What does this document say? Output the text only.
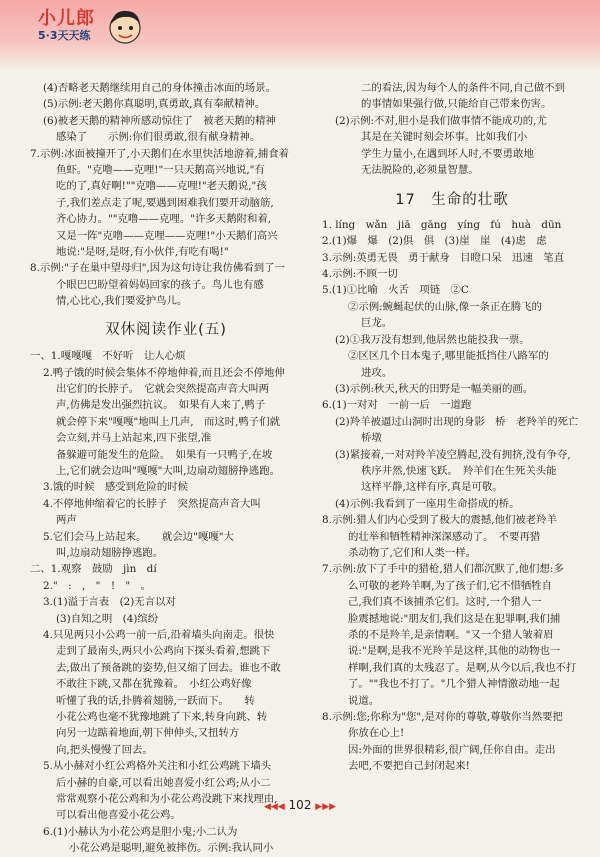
小儿郎
5·3天天练
(4)否略老天鹅继续用自己的身体撞击冰面的场景。
(5)示例:老天鹅你真聪明,真勇敢,真有奉献精神。
(6)被老天鹅的精神所感动惊住了　被老天鹅的精神
感染了　　示例:你们很勇敢,很有献身精神。
7.示例:冰面被撞开了,小天鹅们在水里快活地游着,捕食着
鱼虾。"克噜——克哩!"一只天鹅高兴地说,"有
吃的了,真好啊!""克噜——克哩!"老天鹅说,"孩
子,我们差点走了呢,要遇到困难我们要开动脑筋,
齐心协力。""克噜——克哩。"许多天鹅附和着,
又是一阵"克噜——克哩——克哩!"小天鹅们高兴
地说:"是呀,是呀,有小伙伴,有吃有喝!"
8.示例:"子在巢中望母归",因为这句诗让我仿佛看到了一
个眼巴巴盼望着妈妈回家的孩子。鸟儿也有感
情,心比心,我们要爱护鸟儿。
双休阅读作业(五)
一、1.嘎嘎嘎　不好听　让人心烦
2.鸭子饿的时候会集体不停地伸着,而且还会不停地伸
出它们的长脖子。　它就会突然提高声音大叫两
声,仿佛是发出强烈抗议。　如果有人来了,鸭子
就会停下来"嘎嘎"地叫上几声,　而这时,鸭子们就
会立刻,并马上站起来,四下张望,准
备躲避可能发生的危险。　如果有一只鸭子,在坡
上,它们就会边叫"嘎嘎"大叫,边扇动翅膀挣逃跑。
3.饿的时候　感受到危险的时候
4.不停地伸缩着它的长脖子　突然提高声音大叫
两声
5.它们会马上站起来。　　就会边"嘎嘎"大
叫,边扇动翅膀挣逃跑。
二、1.观察　鼓励　jìn　dí
2."　:　,　"　!　"　。
3.(1)溢于言表　(2)无言以对
(3)自知之明　(4)缤纷
4.只见两只小公鸡一前一后,沿着墙头向南走。很快
走到了最南头,两只小公鸡向下探头看着,想跳下
去,做出了预备跳的姿势,但又缩了回去。谁也不敢
不敢往下跳,又都在犹豫着。　小红公鸡好像
听懂了我的话,扑腾着翅膀,一跃而下。　　转
小花公鸡也毫不犹豫地跳了下来,转身向跳、转
向另一边踮着地面,朝下伸伸头,又扭转方
向,把头慢慢了回去。
5.从小赫对小红公鸡格外关注和小红公鸡跳下墙头
后小赫的自豪,可以看出她喜爱小红公鸡;从小二
常常观察小花公鸡和为小花公鸡没跳下来找理由,
可以看出他喜爱小花公鸡。
6.(1)小赫认为小花公鸡是胆小鬼;小二认为
小花公鸡是聪明,避免被摔伤。示例:我认同小
二的看法,因为每个人的条件不同,自己做不到
的事情如果强行做,只能给自己带来伤害。
(2)示例:不对,胆小是我们做事情不能成功的,尤
其是在关键时刻会坏事。比如我们小
学生力量小,在遇到坏人时,不要勇敢地
无法脱险的,必须量智慧。
17　生命的壮歌
1. líng　wǎn　jiā　gāng　yíng　fú　huà　dūn
2.(1)爆　爆　(2)俱　俱　(3)崖　崖　(4)虑　虑
3.示例:英勇无畏　勇于献身　目瞪口呆　迅速　笔直
4.示例:不顾一切
5.(1)①比喻　火舌　项链　②C
②示例:蜿蜒起伏的山脉,像一条正在腾飞的
巨龙。
(2)①我万没有想到,他居然也能投我一票。
②区区几个日本鬼子,哪里能抵挡住八路军的
进攻。
(3)示例:秋天,秋天的田野是一幅美丽的画。
6.(1)一对对　一前一后　一道跑
(2)羚羊被逼过山洞时出现的身影　桥　老羚羊的死亡
桥墩
(3)紧接着,一对对羚羊凌空腾起,没有拥挤,没有争夺,
秩序井然,快速飞跃。　羚羊们在生死关头能
这样平静,这样有序,真是可敬。
(4)示例:我看到了一座用生命搭成的桥。
8.示例:猎人们内心受到了极大的震撼,他们被老羚羊
的壮举和牺牲精神深深感动了。　不要再猎
杀动物了,它们和人类一样。
7.示例:放下了手中的猎枪,猎人们都沉默了,他们想:多
么可敬的老羚羊啊,为了孩子们,它不惜牺牲自
己,我们真不该捕杀它们。这时,一个猎人一
脸震撼地说:"朋友们,我们这是在犯罪啊,我们捕
杀的不是羚羊,是亲情啊。"又一个猎人皱着眉
说:"是啊,是我不光羚羊是这样,其他的动物也一
样啊,我们真的太残忍了。是啊,从今以后,我也不打
了。""我也不打了。"几个猎人神情激动地一起
说道。
8.示例:您;你称为"您",是对你的尊敬,尊敬你当然要把
你放在心上!
因:外面的世界很精彩,很广阔,任你自由。走出
去吧,不要把自己封闭起来!
◀◀◀ 102 ▶▶▶
